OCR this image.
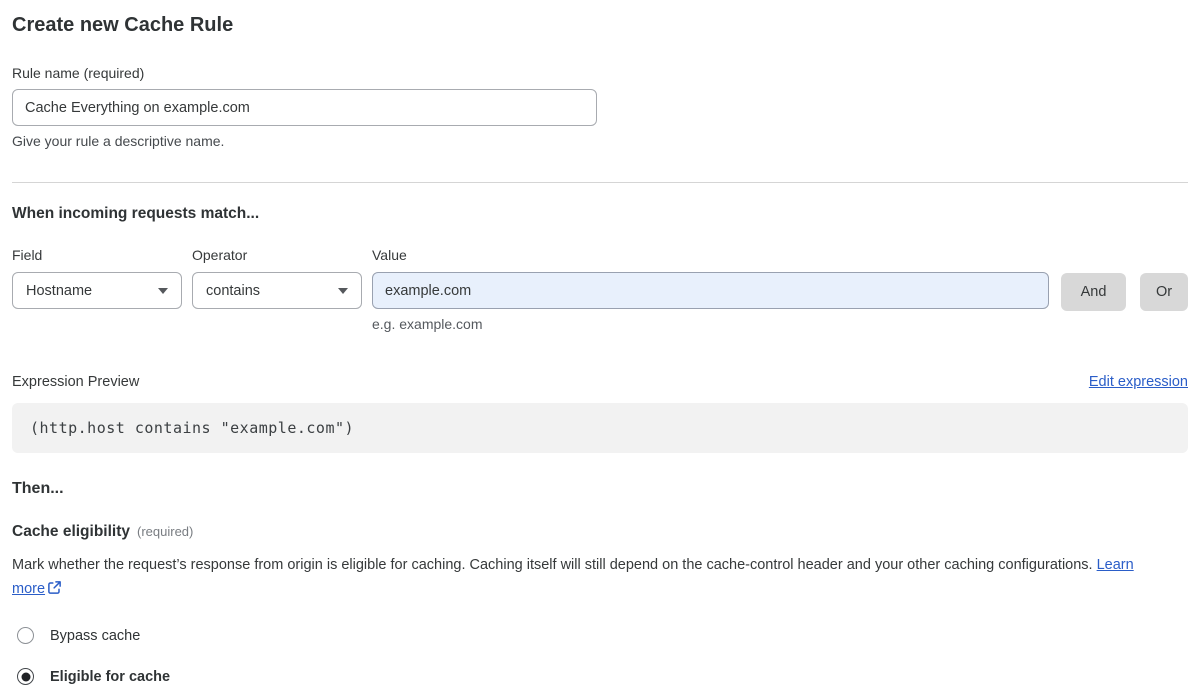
Create new Cache Rule
Rule name (required)
Cache Everything on example.com
Give your rule a descriptive name.
When incoming requests match...
Field
Hostname
Operator
contains
Value
example.com
e.g. example.com
And	Or
Expression Preview	Edit expression
(http.host contains "example.com")
Then...
Cache eligibility (required)

Mark whether the request’s response from origin is eligible for caching. Caching itself will still depend on the cache-control header and your other caching configurations. Learn more

Bypass cache
Eligible for cache
